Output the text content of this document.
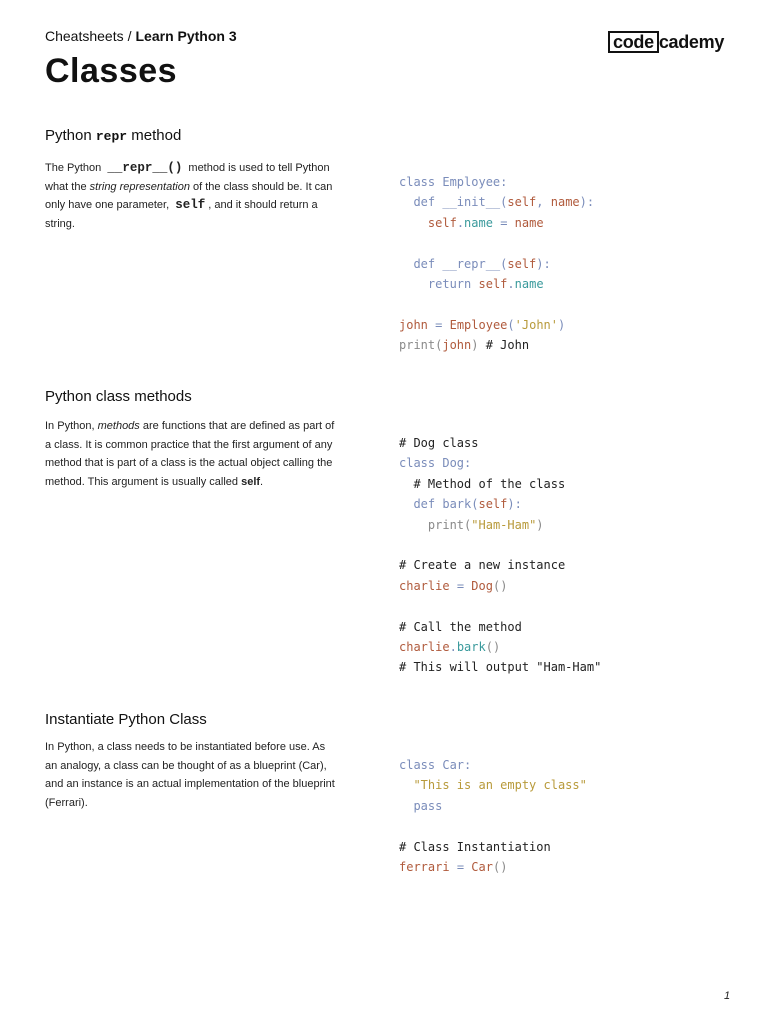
Cheatsheets / Learn Python 3	code cademy
Classes
Python repr method

The Python __repr__() method is used to tell Python what the string representation of the class should be. It can only have one parameter, self , and it should return a string.

class Employee:
def __init__(self, name):
self.name = name

def __repr__(self):
return self.name

john = Employee('John')
print(john) # John
Python class methods

In Python, methods are functions that are defined as part of a class. It is common practice that the first argument of any method that is part of a class is the actual object calling the method. This argument is usually called self.

# Dog class
class Dog:
# Method of the class
def bark(self):
print("Ham-Ham")

# Create a new instance
charlie = Dog()

# Call the method
charlie.bark()
# This will output "Ham-Ham"
Instantiate Python Class

In Python, a class needs to be instantiated before use. As an analogy, a class can be thought of as a blueprint (Car), and an instance is an actual implementation of the blueprint (Ferrari).

class Car:
"This is an empty class"
pass

# Class Instantiation
ferrari = Car()
1
